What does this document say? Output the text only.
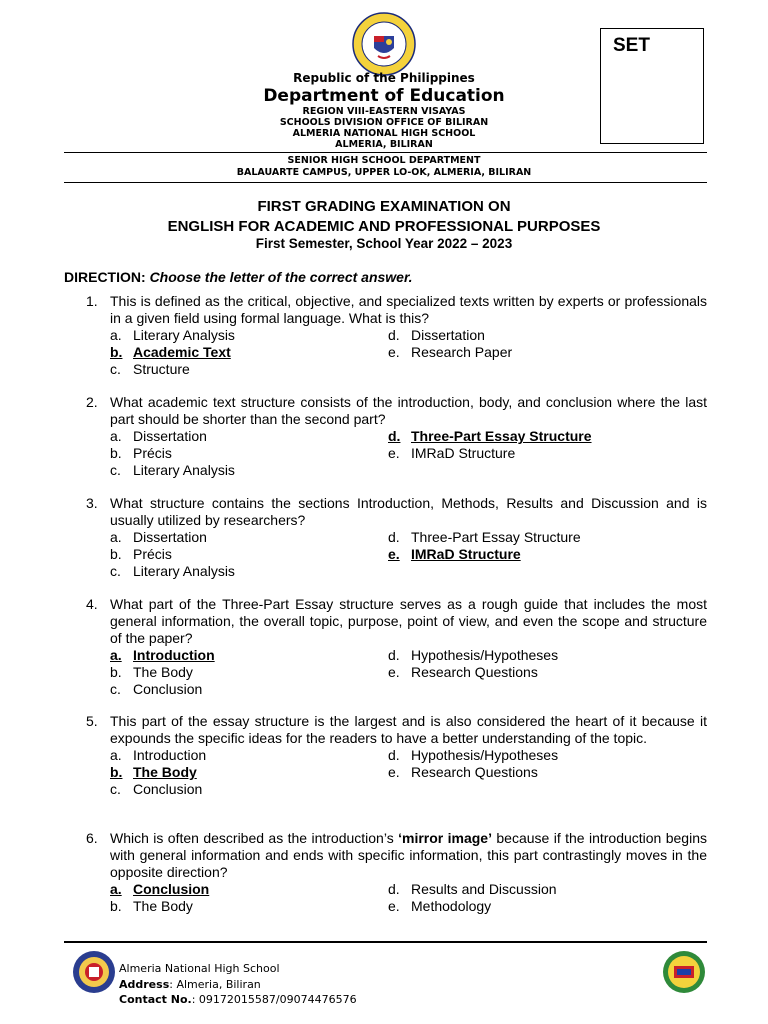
SET
Republic of the Philippines
Department of Education
REGION VIII-EASTERN VISAYAS
SCHOOLS DIVISION OFFICE OF BILIRAN
ALMERIA NATIONAL HIGH SCHOOL
ALMERIA, BILIRAN
SENIOR HIGH SCHOOL DEPARTMENT
BALAUARTE CAMPUS, UPPER LO-OK, ALMERIA, BILIRAN
FIRST GRADING EXAMINATION ON
ENGLISH FOR ACADEMIC AND PROFESSIONAL PURPOSES
First Semester, School Year 2022 – 2023
DIRECTION: Choose the letter of the correct answer.
1. This is defined as the critical, objective, and specialized texts written by experts or professionals in a given field using formal language. What is this?
a. Literary Analysis
b. Academic Text
c. Structure
d. Dissertation
e. Research Paper
2. What academic text structure consists of the introduction, body, and conclusion where the last part should be shorter than the second part?
a. Dissertation
b. Précis
c. Literary Analysis
d. Three-Part Essay Structure
e. IMRaD Structure
3. What structure contains the sections Introduction, Methods, Results and Discussion and is usually utilized by researchers?
a. Dissertation
b. Précis
c. Literary Analysis
d. Three-Part Essay Structure
e. IMRaD Structure
4. What part of the Three-Part Essay structure serves as a rough guide that includes the most general information, the overall topic, purpose, point of view, and even the scope and structure of the paper?
a. Introduction
b. The Body
c. Conclusion
d. Hypothesis/Hypotheses
e. Research Questions
5. This part of the essay structure is the largest and is also considered the heart of it because it expounds the specific ideas for the readers to have a better understanding of the topic.
a. Introduction
b. The Body
c. Conclusion
d. Hypothesis/Hypotheses
e. Research Questions
6. Which is often described as the introduction’s ‘mirror image’ because if the introduction begins with general information and ends with specific information, this part contrastingly moves in the opposite direction?
a. Conclusion
b. The Body
d. Results and Discussion
e. Methodology
Almeria National High School
Address: Almeria, Biliran
Contact No.: 09172015587/09074476576
